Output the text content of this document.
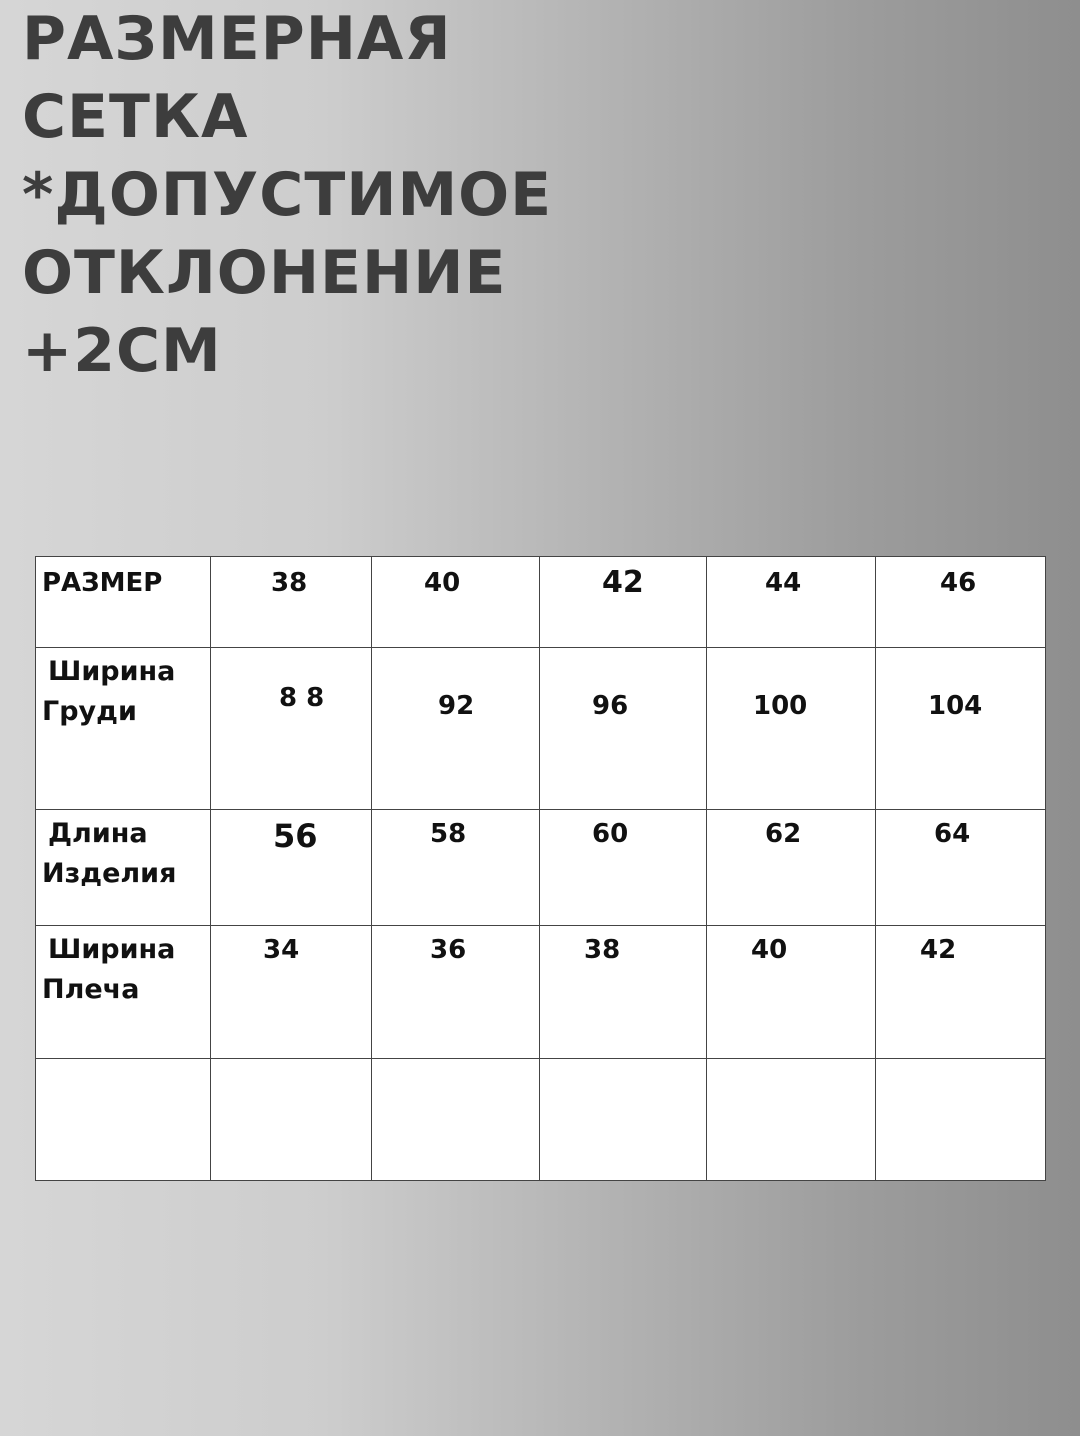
РАЗМЕРНАЯ
СЕТКА
*ДОПУСТИМОЕ
ОТКЛОНЕНИЕ
+2СМ
РАЗМЕР	38	40	42	44	46

Ширина
Груди	8 8	92	96	100	104

Длина
Изделия	56	58	60	62	64

Ширина
Плеча	34	36	38	40	42
